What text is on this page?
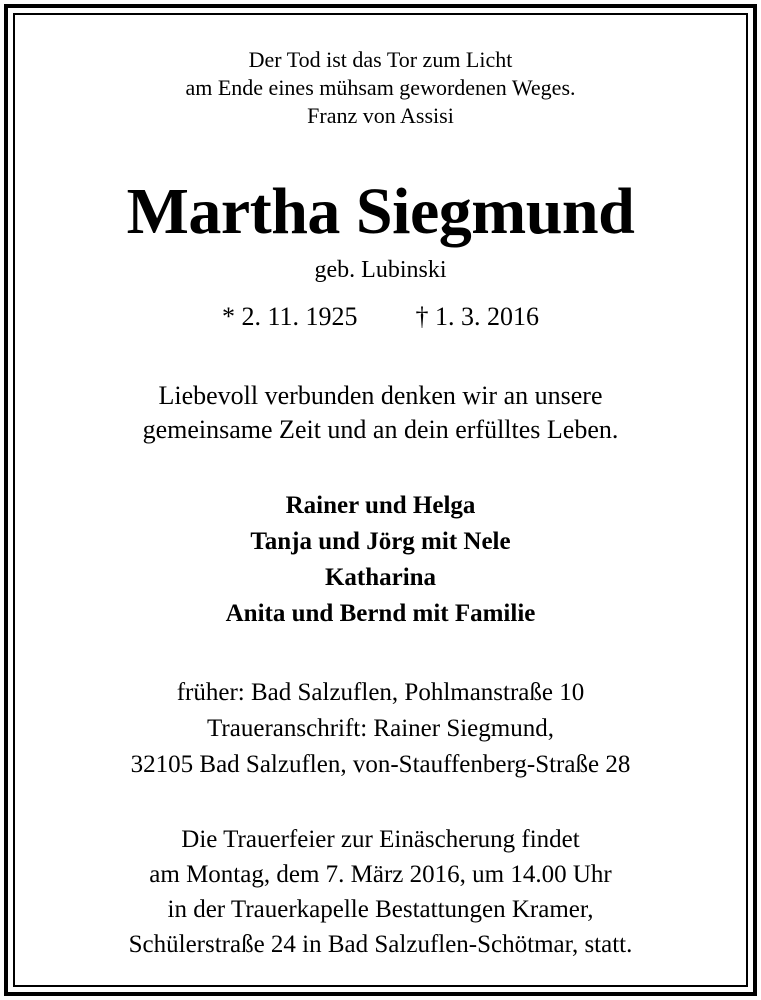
Der Tod ist das Tor zum Licht
am Ende eines mühsam gewordenen Weges.
Franz von Assisi
Martha Siegmund
geb. Lubinski
* 2. 11. 1925 † 1. 3. 2016
Liebevoll verbunden denken wir an unsere
gemeinsame Zeit und an dein erfülltes Leben.
Rainer und Helga
Tanja und Jörg mit Nele
Katharina
Anita und Bernd mit Familie
früher: Bad Salzuflen, Pohlmanstraße 10
Traueranschrift: Rainer Siegmund,
32105 Bad Salzuflen, von-Stauffenberg-Straße 28
Die Trauerfeier zur Einäscherung findet
am Montag, dem 7. März 2016, um 14.00 Uhr
in der Trauerkapelle Bestattungen Kramer,
Schülerstraße 24 in Bad Salzuflen-Schötmar, statt.
